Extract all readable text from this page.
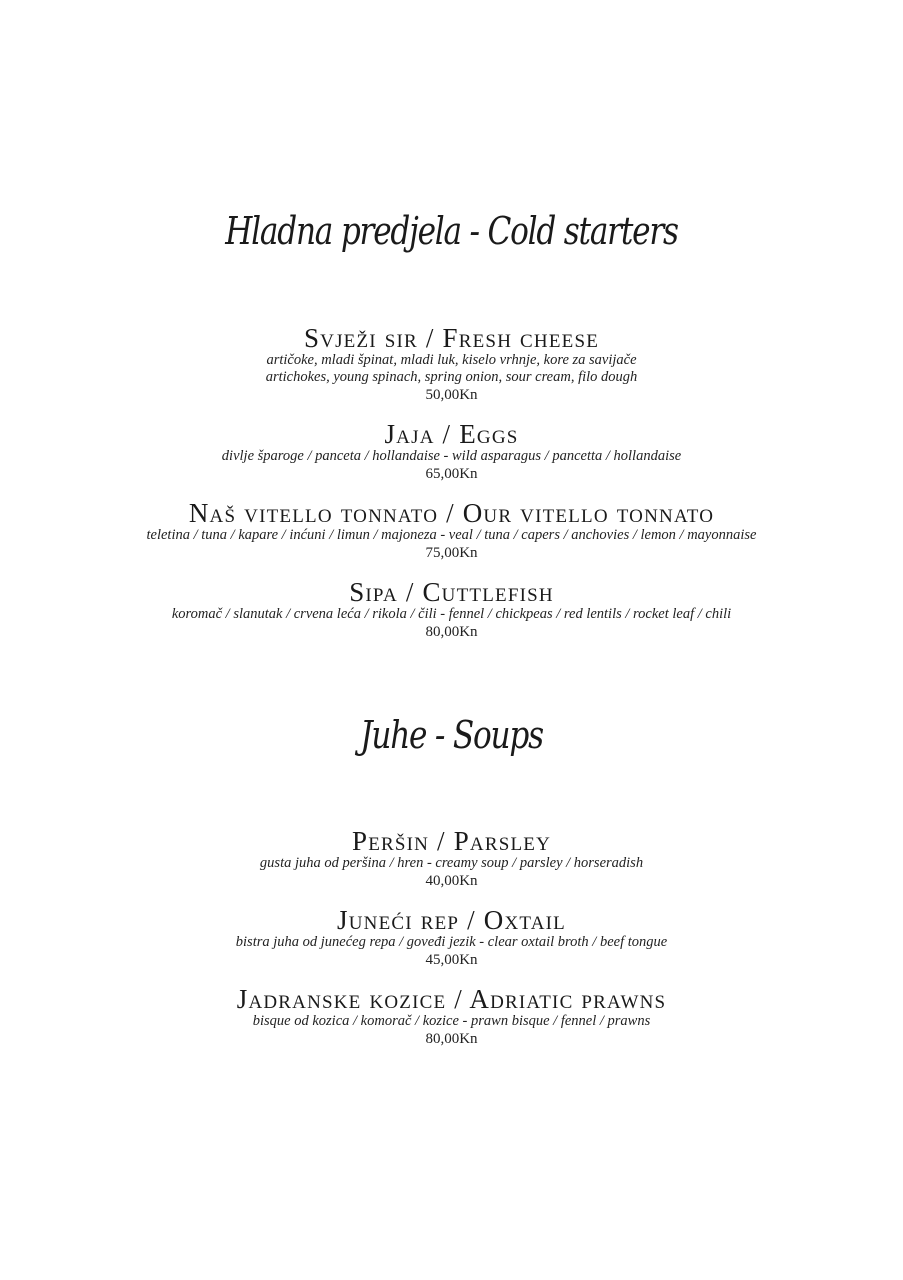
Hladna predjela - Cold starters
Svježi sir / Fresh cheese
artičoke, mladi špinat, mladi luk, kiselo vrhnje, kore za savijače
artichokes, young spinach, spring onion, sour cream, filo dough
50,00Kn
Jaja / Eggs
divlje šparoge / panceta / hollandaise - wild asparagus / pancetta / hollandaise
65,00Kn
Naš vitello tonnato / Our vitello tonnato
teletina / tuna / kapare / inćuni / limun / majoneza - veal / tuna / capers / anchovies / lemon / mayonnaise
75,00Kn
Sipa / Cuttlefish
koromač / slanutak / crvena leća / rikola / čili - fennel / chickpeas / red lentils / rocket leaf / chili
80,00Kn
Juhe - Soups
Peršin / Parsley
gusta juha od peršina / hren - creamy soup / parsley / horseradish
40,00Kn
Juneći rep / Oxtail
bistra juha od junećeg repa / goveđi jezik - clear oxtail broth / beef tongue
45,00Kn
Jadranske kozice / Adriatic prawns
bisque od kozica / komorač / kozice - prawn bisque / fennel / prawns
80,00Kn
